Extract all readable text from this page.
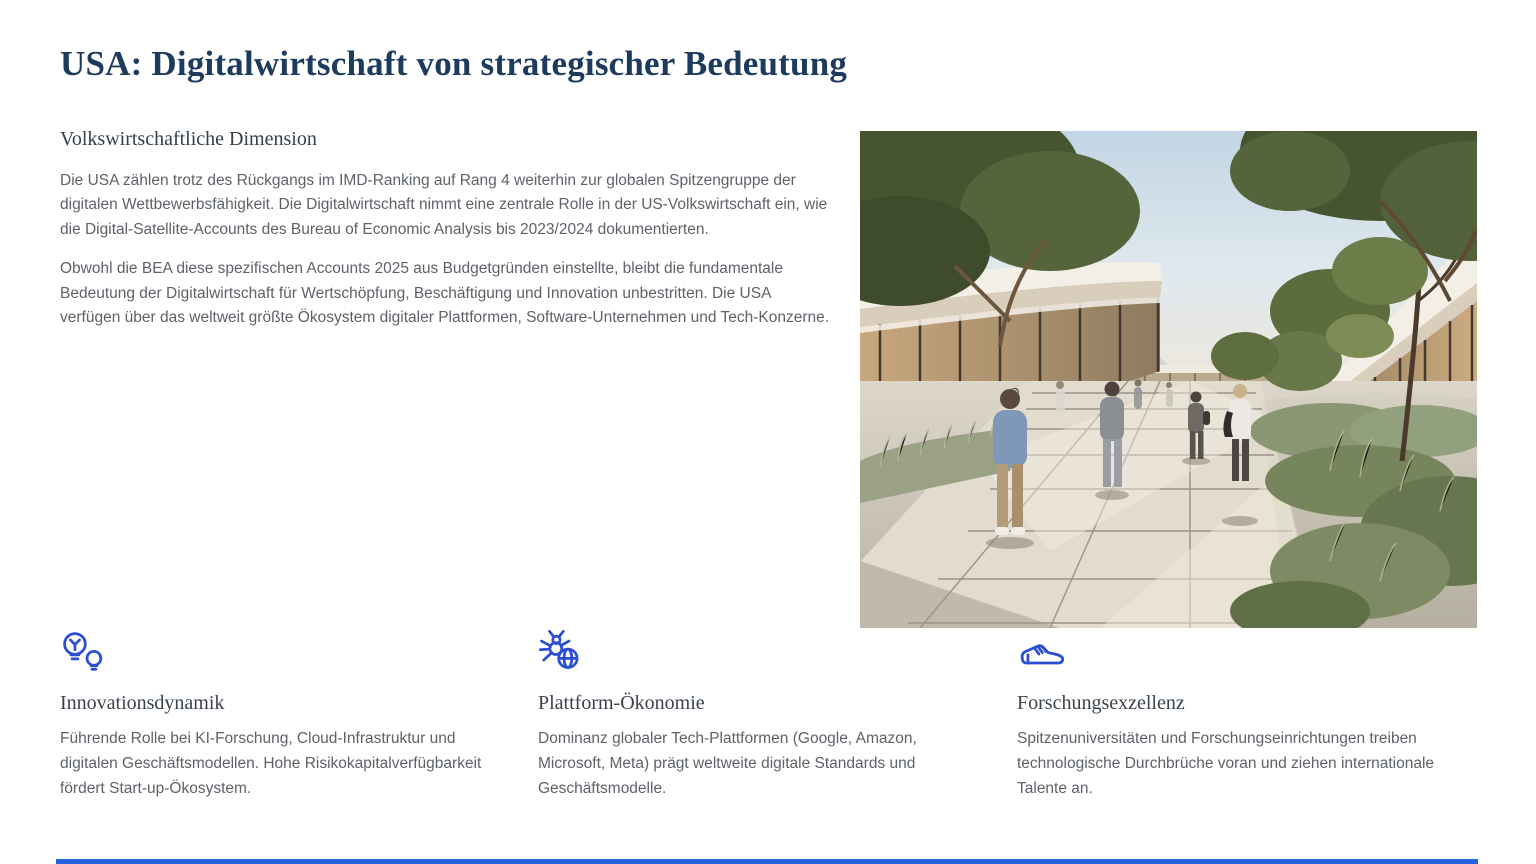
USA: Digitalwirtschaft von strategischer Bedeutung
Volkswirtschaftliche Dimension

Die USA zählen trotz des Rückgangs im IMD-Ranking auf Rang 4 weiterhin zur globalen Spitzengruppe der digitalen Wettbewerbsfähigkeit. Die Digitalwirtschaft nimmt eine zentrale Rolle in der US-Volkswirtschaft ein, wie die Digital-Satellite-Accounts des Bureau of Economic Analysis bis 2023/2024 dokumentierten.

Obwohl die BEA diese spezifischen Accounts 2025 aus Budgetgründen einstellte, bleibt die fundamentale Bedeutung der Digitalwirtschaft für Wertschöpfung, Beschäftigung und Innovation unbestritten. Die USA verfügen über das weltweit größte Ökosystem digitaler Plattformen, Software-Unternehmen und Tech-Konzerne.

Innovationsdynamik

Führende Rolle bei KI-Forschung, Cloud-Infrastruktur und digitalen Geschäftsmodellen. Hohe Risikokapitalverfügbarkeit fördert Start-up-Ökosystem.

Plattform-Ökonomie

Dominanz globaler Tech-Plattformen (Google, Amazon, Microsoft, Meta) prägt weltweite digitale Standards und Geschäftsmodelle.

Forschungsexzellenz

Spitzenuniversitäten und Forschungseinrichtungen treiben technologische Durchbrüche voran und ziehen internationale Talente an.
